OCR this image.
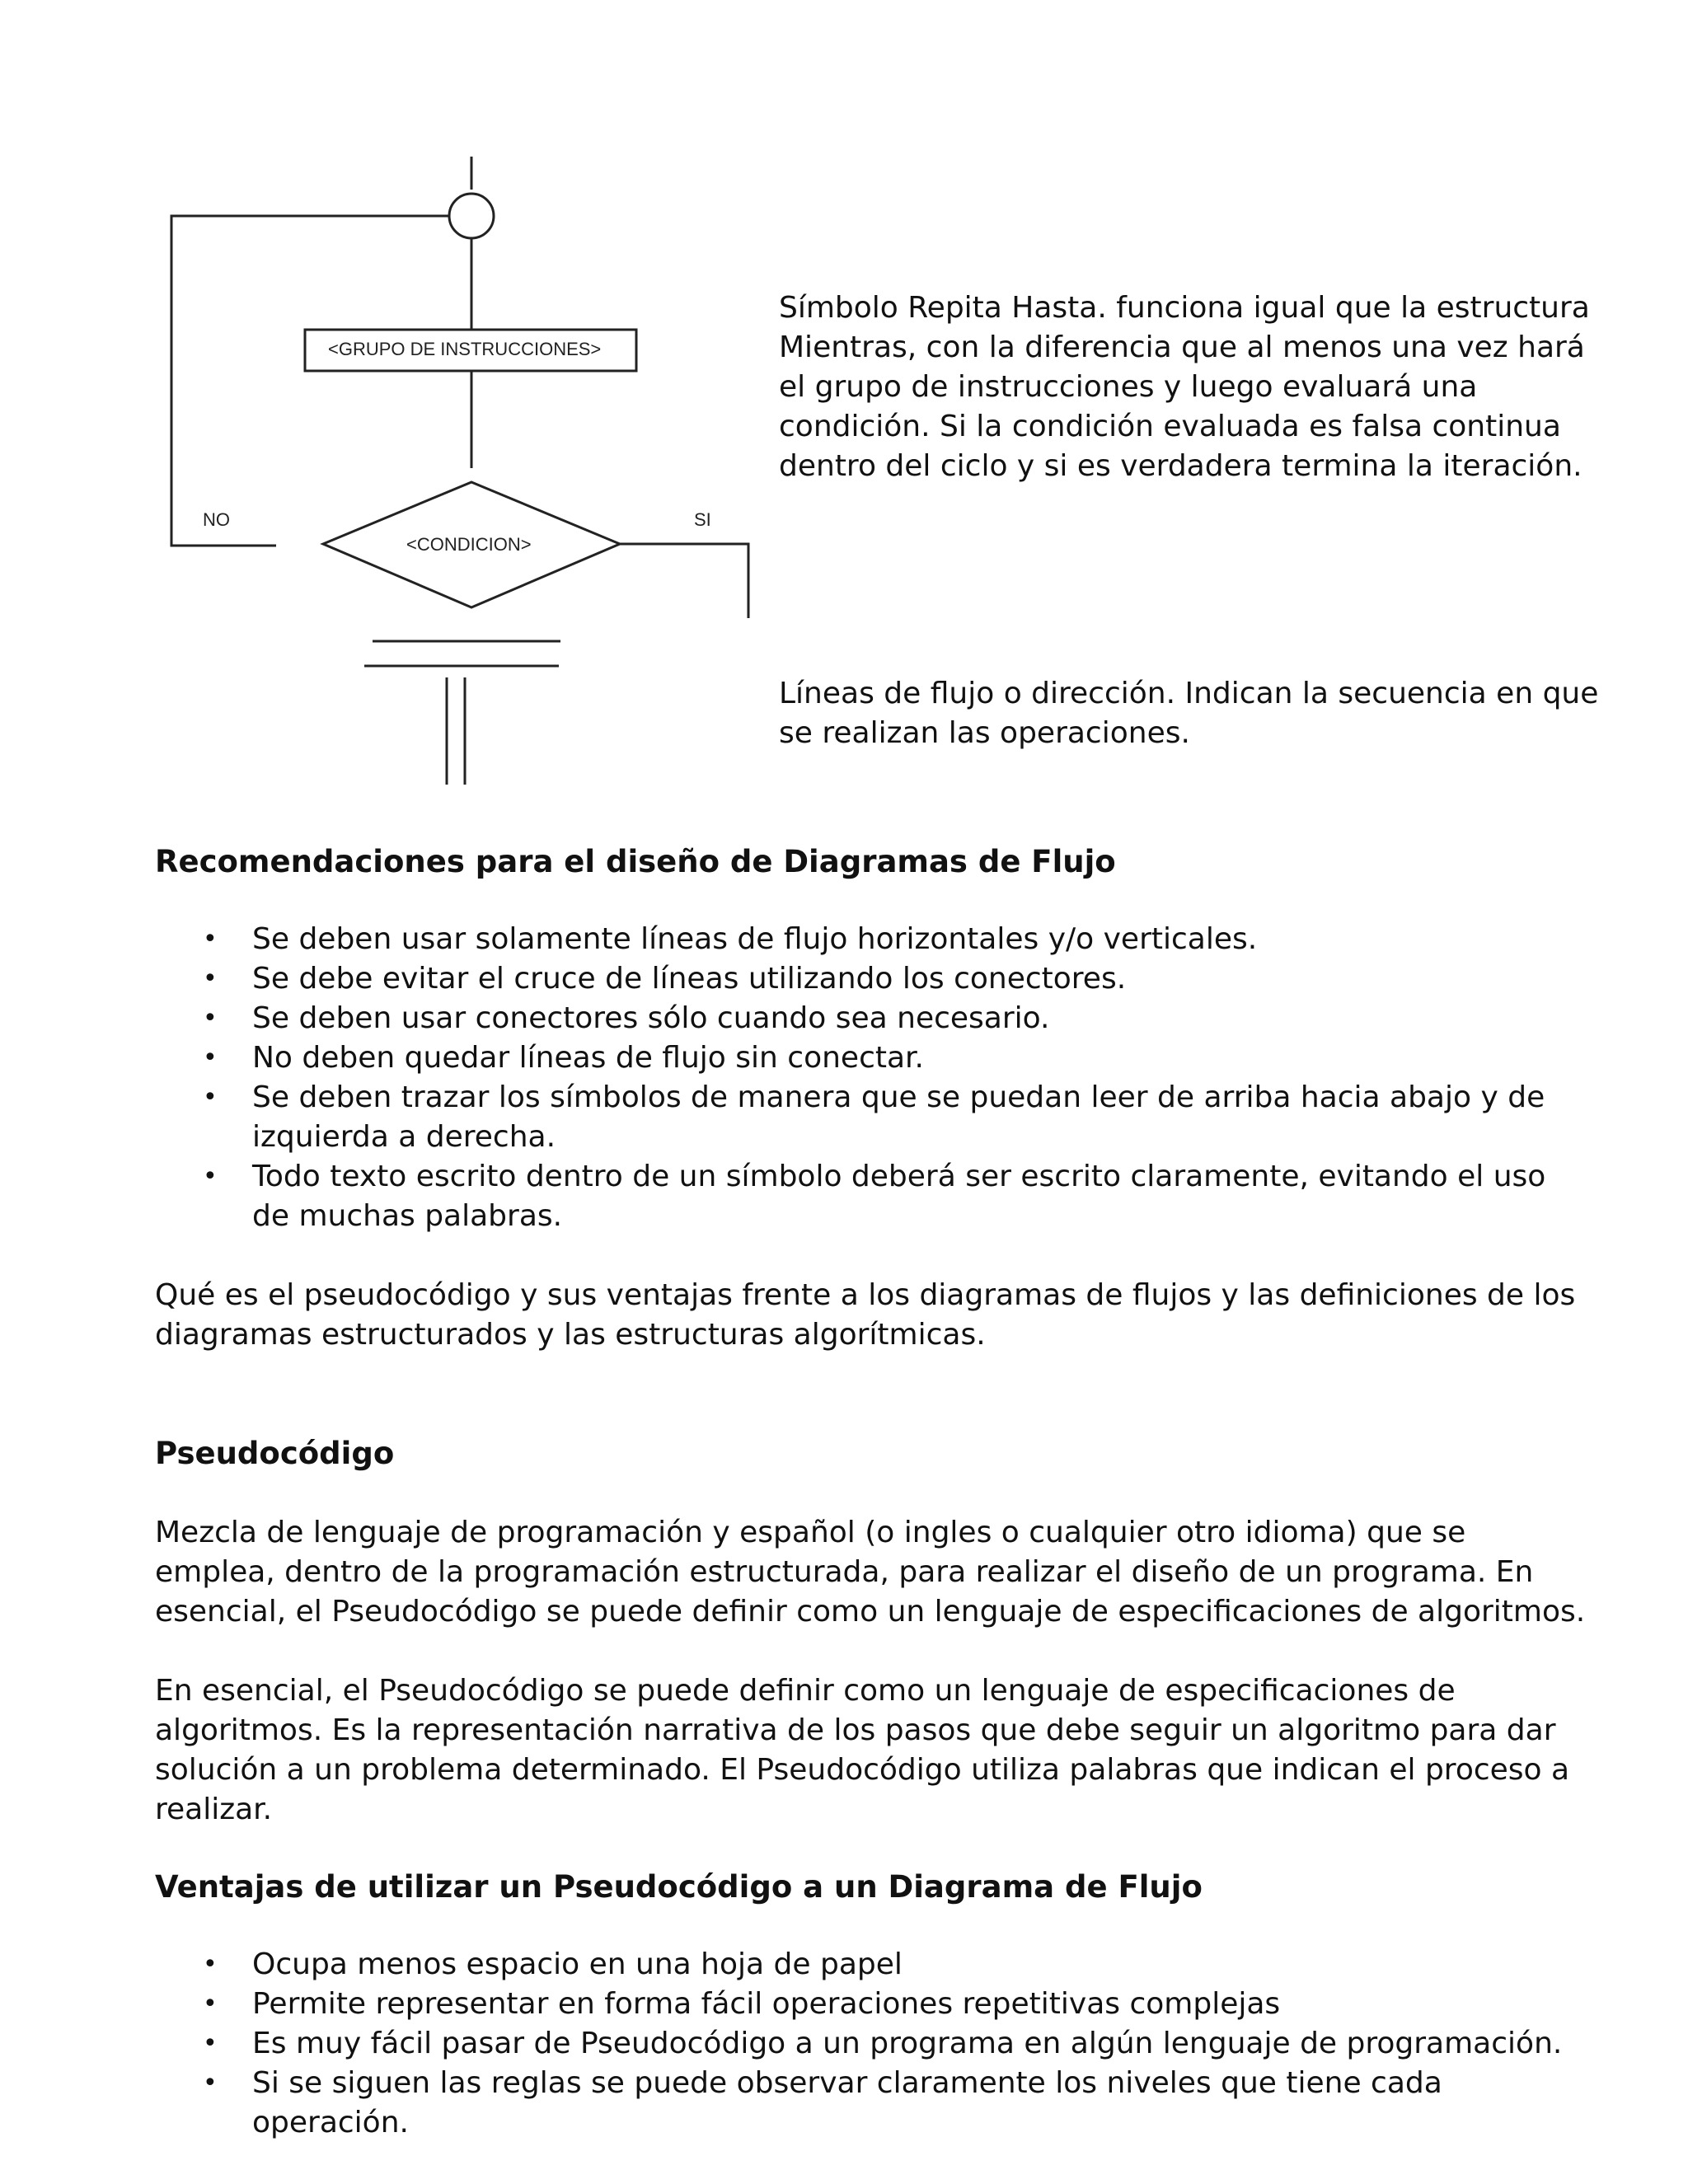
<GRUPO DE INSTRUCCIONES>
<CONDICION>
NO	SI

Símbolo Repita Hasta. funciona igual que la estructura Mientras, con la diferencia que al menos una vez hará el grupo de instrucciones y luego evaluará una condición. Si la condición evaluada es falsa continua dentro del ciclo y si es verdadera termina la iteración.

Líneas de flujo o dirección. Indican la secuencia en que se realizan las operaciones.

Recomendaciones para el diseño de Diagramas de Flujo
• Se deben usar solamente líneas de flujo horizontales y/o verticales.
• Se debe evitar el cruce de líneas utilizando los conectores.
• Se deben usar conectores sólo cuando sea necesario.
• No deben quedar líneas de flujo sin conectar.
• Se deben trazar los símbolos de manera que se puedan leer de arriba hacia abajo y de izquierda a derecha.
• Todo texto escrito dentro de un símbolo deberá ser escrito claramente, evitando el uso de muchas palabras.

Qué es el pseudocódigo y sus ventajas frente a los diagramas de flujos y las definiciones de los diagramas estructurados y las estructuras algorítmicas.

Pseudocódigo

Mezcla de lenguaje de programación y español (o ingles o cualquier otro idioma) que se emplea, dentro de la programación estructurada, para realizar el diseño de un programa. En esencial, el Pseudocódigo se puede definir como un lenguaje de especificaciones de algoritmos.

En esencial, el Pseudocódigo se puede definir como un lenguaje de especificaciones de algoritmos. Es la representación narrativa de los pasos que debe seguir un algoritmo para dar solución a un problema determinado. El Pseudocódigo utiliza palabras que indican el proceso a realizar.

Ventajas de utilizar un Pseudocódigo a un Diagrama de Flujo
• Ocupa menos espacio en una hoja de papel
• Permite representar en forma fácil operaciones repetitivas complejas
• Es muy fácil pasar de Pseudocódigo a un programa en algún lenguaje de programación.
• Si se siguen las reglas se puede observar claramente los niveles que tiene cada operación.
